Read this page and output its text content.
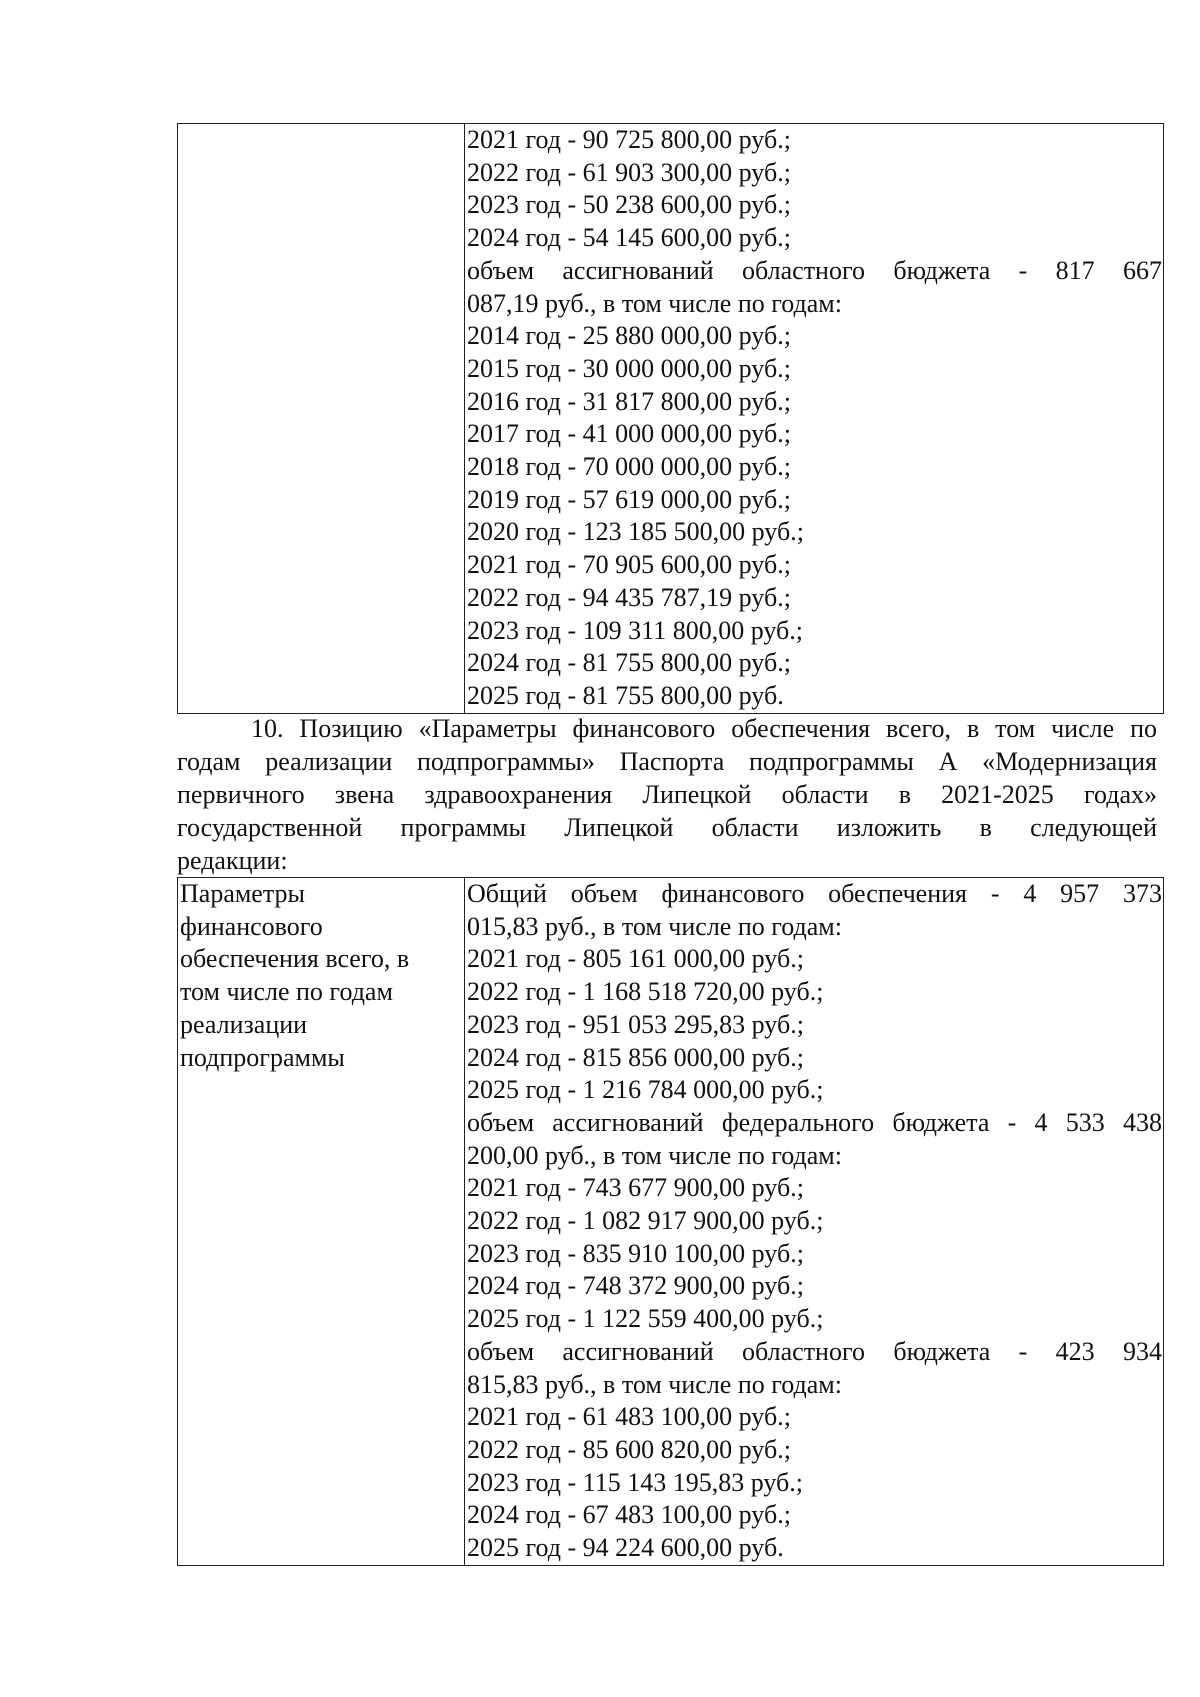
2021 год - 90 725 800,00 руб.;
2022 год - 61 903 300,00 руб.;
2023 год - 50 238 600,00 руб.;
2024 год - 54 145 600,00 руб.;
объем ассигнований областного бюджета - 817 667
087,19 руб., в том числе по годам:
2014 год - 25 880 000,00 руб.;
2015 год - 30 000 000,00 руб.;
2016 год - 31 817 800,00 руб.;
2017 год - 41 000 000,00 руб.;
2018 год - 70 000 000,00 руб.;
2019 год - 57 619 000,00 руб.;
2020 год - 123 185 500,00 руб.;
2021 год - 70 905 600,00 руб.;
2022 год - 94 435 787,19 руб.;
2023 год - 109 311 800,00 руб.;
2024 год - 81 755 800,00 руб.;
2025 год - 81 755 800,00 руб.
10. Позицию «Параметры финансового обеспечения всего, в том числе по
годам реализации подпрограммы» Паспорта подпрограммы А «Модернизация
первичного звена здравоохранения Липецкой области в 2021-2025 годах»
государственной программы Липецкой области изложить в следующей
редакции:
Параметры
финансового
обеспечения всего, в
том числе по годам
реализации
подпрограммы

Общий объем финансового обеспечения - 4 957 373
015,83 руб., в том числе по годам:
2021 год - 805 161 000,00 руб.;
2022 год - 1 168 518 720,00 руб.;
2023 год - 951 053 295,83 руб.;
2024 год - 815 856 000,00 руб.;
2025 год - 1 216 784 000,00 руб.;
объем ассигнований федерального бюджета - 4 533 438
200,00 руб., в том числе по годам:
2021 год - 743 677 900,00 руб.;
2022 год - 1 082 917 900,00 руб.;
2023 год - 835 910 100,00 руб.;
2024 год - 748 372 900,00 руб.;
2025 год - 1 122 559 400,00 руб.;
объем ассигнований областного бюджета - 423 934
815,83 руб., в том числе по годам:
2021 год - 61 483 100,00 руб.;
2022 год - 85 600 820,00 руб.;
2023 год - 115 143 195,83 руб.;
2024 год - 67 483 100,00 руб.;
2025 год - 94 224 600,00 руб.
